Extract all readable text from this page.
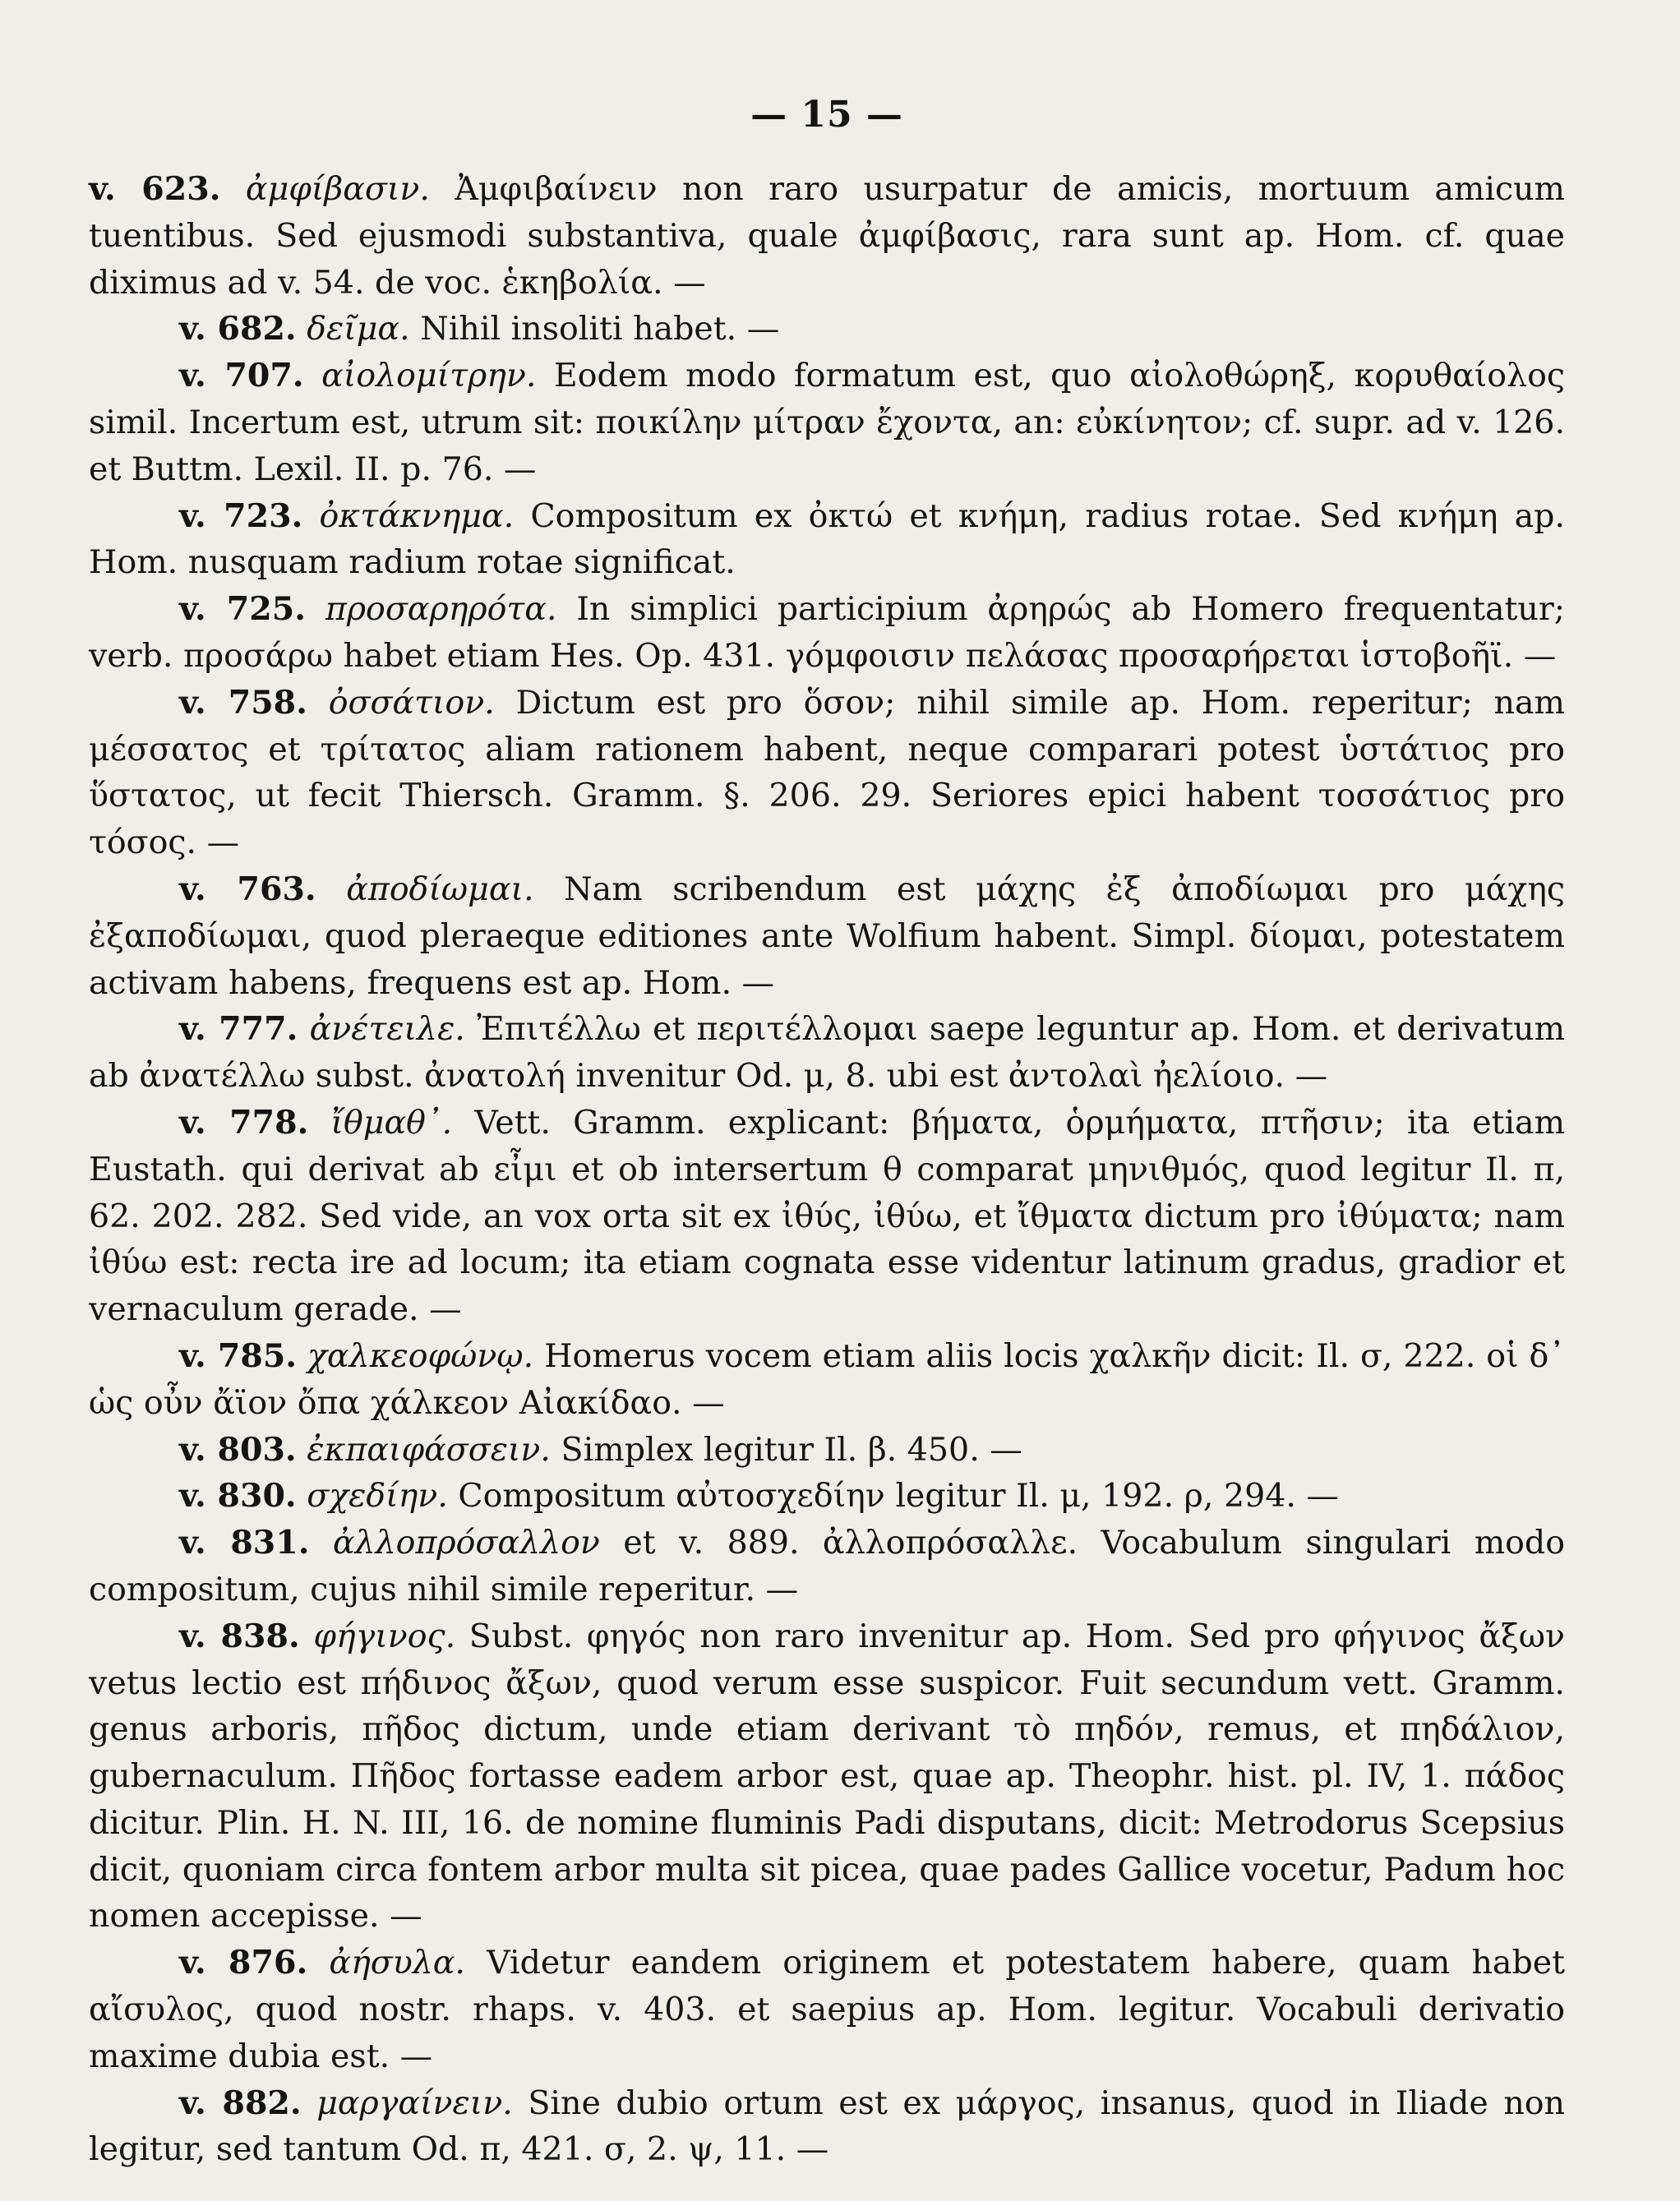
— 15 —

v. 623. ἀμφίβασιν. Ἀμφιβαίνειν non raro usurpatur de amicis, mortuum amicum tuentibus. Sed ejusmodi substantiva, quale ἀμφίβασις, rara sunt ap. Hom. cf. quae diximus ad v. 54. de voc. ἑκηβολία. —

v. 682. δεῖμα. Nihil insoliti habet. —

v. 707. αἰολομίτρην. Eodem modo formatum est, quo αἰολοθώρηξ, κορυθαίολος simil. Incertum est, utrum sit: ποικίλην μίτραν ἔχοντα, an: εὐκίνητον; cf. supr. ad v. 126. et Buttm. Lexil. II. p. 76. —

v. 723. ὀκτάκνημα. Compositum ex ὀκτώ et κνήμη, radius rotae. Sed κνήμη ap. Hom. nusquam radium rotae significat.

v. 725. προσαρηρότα. In simplici participium ἀρηρώς ab Homero frequentatur; verb. προσάρω habet etiam Hes. Op. 431. γόμφοισιν πελάσας προσαρήρεται ἱστοβοῆϊ. —

v. 758. ὀσσάτιον. Dictum est pro ὅσον; nihil simile ap. Hom. reperitur; nam μέσσατος et τρίτατος aliam rationem habent, neque comparari potest ὑστάτιος pro ὕστατος, ut fecit Thiersch. Gramm. §. 206. 29. Seriores epici habent τοσσάτιος pro τόσος. —

v. 763. ἀποδίωμαι. Nam scribendum est μάχης ἐξ ἀποδίωμαι pro μάχης ἐξαποδίωμαι, quod pleraeque editiones ante Wolfium habent. Simpl. δίομαι, potestatem activam habens, frequens est ap. Hom. —

v. 777. ἀνέτειλε. Ἐπιτέλλω et περιτέλλομαι saepe leguntur ap. Hom. et derivatum ab ἀνατέλλω subst. ἀνατολή invenitur Od. μ, 8. ubi est ἀντολαὶ ἠελίοιο. —

v. 778. ἴθμαθ᾽. Vett. Gramm. explicant: βήματα, ὁρμήματα, πτῆσιν; ita etiam Eustath. qui derivat ab εἶμι et ob intersertum θ comparat μηνιθμός, quod legitur Il. π, 62. 202. 282. Sed vide, an vox orta sit ex ἰθύς, ἰθύω, et ἴθματα dictum pro ἰθύματα; nam ἰθύω est: recta ire ad locum; ita etiam cognata esse videntur latinum gradus, gradior et vernaculum gerade. —

v. 785. χαλκεοφώνῳ. Homerus vocem etiam aliis locis χαλκῆν dicit: Il. σ, 222. οἱ δ᾽ ὡς οὖν ἄϊον ὄπα χάλκεον Αἰακίδαο. —

v. 803. ἐκπαιφάσσειν. Simplex legitur Il. β. 450. —

v. 830. σχεδίην. Compositum αὐτοσχεδίην legitur Il. μ, 192. ρ, 294. —

v. 831. ἀλλοπρόσαλλον et v. 889. ἀλλοπρόσαλλε. Vocabulum singulari modo compositum, cujus nihil simile reperitur. —

v. 838. φήγινος. Subst. φηγός non raro invenitur ap. Hom. Sed pro φήγινος ἄξων vetus lectio est πήδινος ἄξων, quod verum esse suspicor. Fuit secundum vett. Gramm. genus arboris, πῆδος dictum, unde etiam derivant τὸ πηδόν, remus, et πηδάλιον, gubernaculum. Πῆδος fortasse eadem arbor est, quae ap. Theophr. hist. pl. IV, 1. πάδος dicitur. Plin. H. N. III, 16. de nomine fluminis Padi disputans, dicit: Metrodorus Scepsius dicit, quoniam circa fontem arbor multa sit picea, quae pades Gallice vocetur, Padum hoc nomen accepisse. —

v. 876. ἀήσυλα. Videtur eandem originem et potestatem habere, quam habet αἴσυλος, quod nostr. rhaps. v. 403. et saepius ap. Hom. legitur. Vocabuli derivatio maxime dubia est. —

v. 882. μαργαίνειν. Sine dubio ortum est ex μάργος, insanus, quod in Iliade non legitur, sed tantum Od. π, 421. σ, 2. ψ, 11. —
